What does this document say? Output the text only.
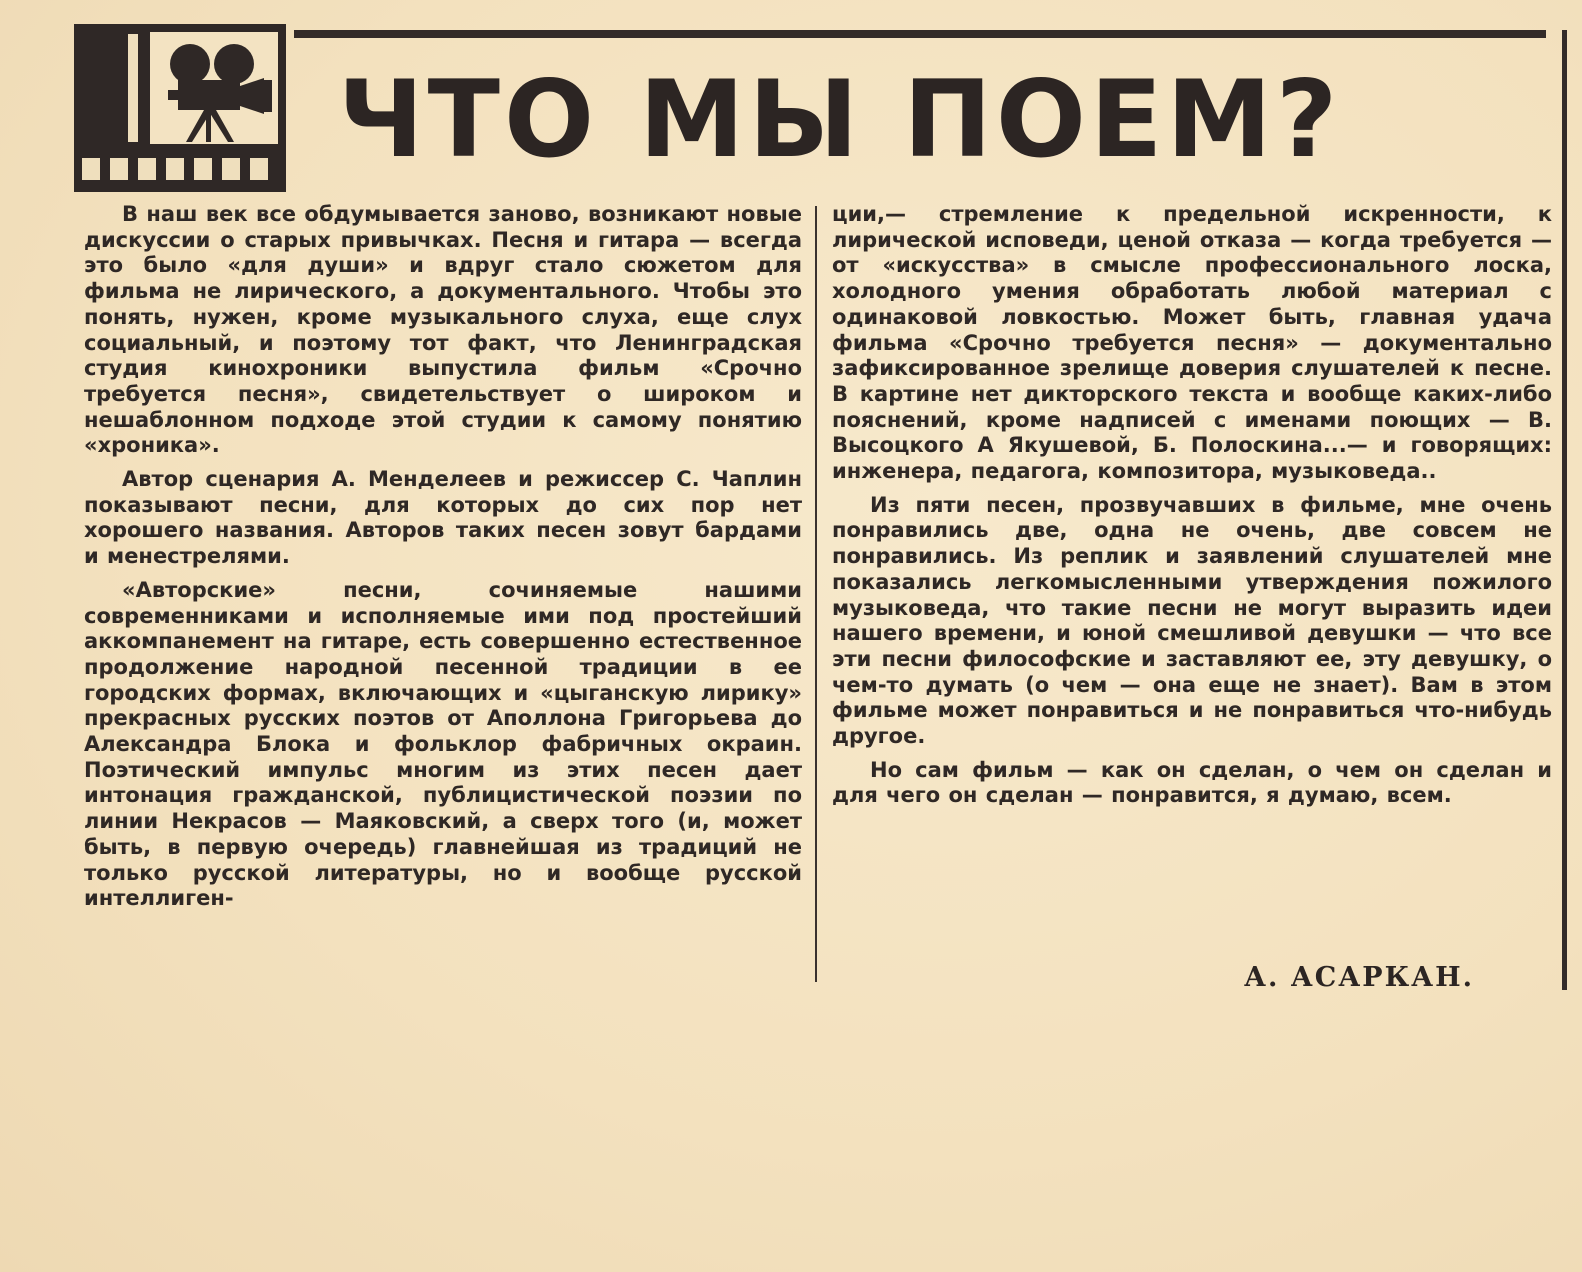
ЧТО МЫ ПОЕМ?

В наш век все обдумывается заново, возникают новые дискуссии о старых привычках. Песня и гитара — всегда это было «для души» и вдруг стало сюжетом для фильма не лирического, а документального. Чтобы это понять, нужен, кроме музыкального слуха, еще слух социальный, и поэтому тот факт, что Ленинградская студия кинохроники выпустила фильм «Срочно требуется песня», свидетельствует о широком и нешаблонном подходе этой студии к самому понятию «хроника».

Автор сценария А. Менделеев и режиссер С. Чаплин показывают песни, для которых до сих пор нет хорошего названия. Авторов таких песен зовут бардами и менестрелями.

«Авторские» песни, сочиняемые нашими современниками и исполняемые ими под простейший аккомпанемент на гитаре, есть совершенно естественное продолжение народной песенной традиции в ее городских формах, включающих и «цыганскую лирику» прекрасных русских поэтов от Аполлона Григорьева до Александра Блока и фольклор фабричных окраин. Поэтический импульс многим из этих песен дает интонация гражданской, публицистической поэзии по линии Некрасов — Маяковский, а сверх того (и, может быть, в первую очередь) главнейшая из традиций не только русской литературы, но и вообще русской интеллиген-

ции,— стремление к предельной искренности, к лирической исповеди, ценой отказа — когда требуется — от «искусства» в смысле профессионального лоска, холодного умения обработать любой материал с одинаковой ловкостью. Может быть, главная удача фильма «Срочно требуется песня» — документально зафиксированное зрелище доверия слушателей к песне. В картине нет дикторского текста и вообще каких-либо пояснений, кроме надписей с именами поющих — В. Высоцкого А Якушевой, Б. Полоскина...— и говорящих: инженера, педагога, композитора, музыковеда..

Из пяти песен, прозвучавших в фильме, мне очень понравились две, одна не очень, две совсем не понравились. Из реплик и заявлений слушателей мне показались легкомысленными утверждения пожилого музыковеда, что такие песни не могут выразить идеи нашего времени, и юной смешливой девушки — что все эти песни философские и заставляют ее, эту девушку, о чем-то думать (о чем — она еще не знает). Вам в этом фильме может понравиться и не понравиться что-нибудь другое.

Но сам фильм — как он сделан, о чем он сделан и для чего он сделан — понравится, я думаю, всем.

А. АСАРКАН.
